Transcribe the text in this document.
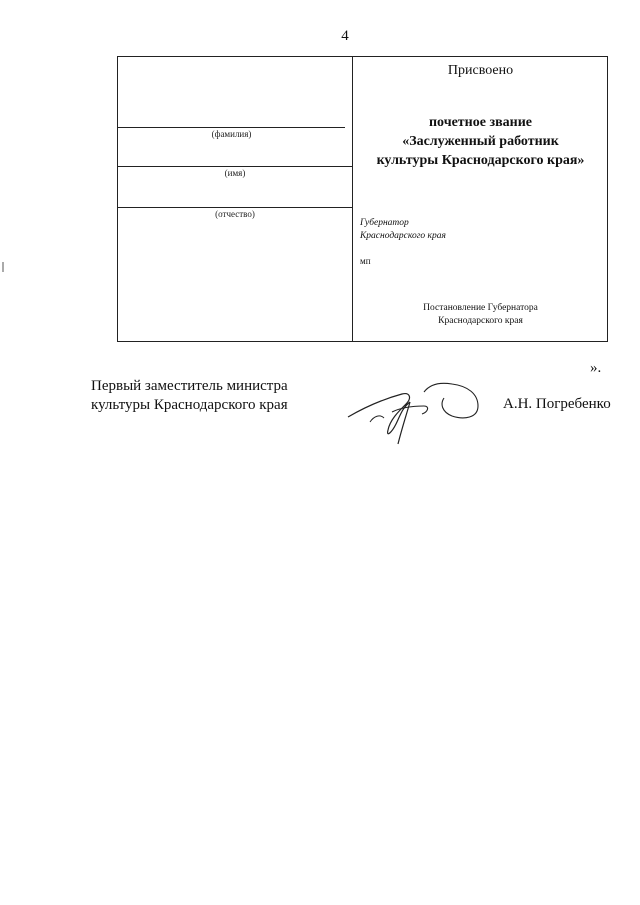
4
(фамилия)
(имя)
(отчество)
Присвоено
почетное звание
«Заслуженный работник
культуры Краснодарского края»
Губернатор
Краснодарского края
мп
Постановление Губернатора
Краснодарского края
».
Первый заместитель министра
культуры Краснодарского края	А.Н. Погребенко
